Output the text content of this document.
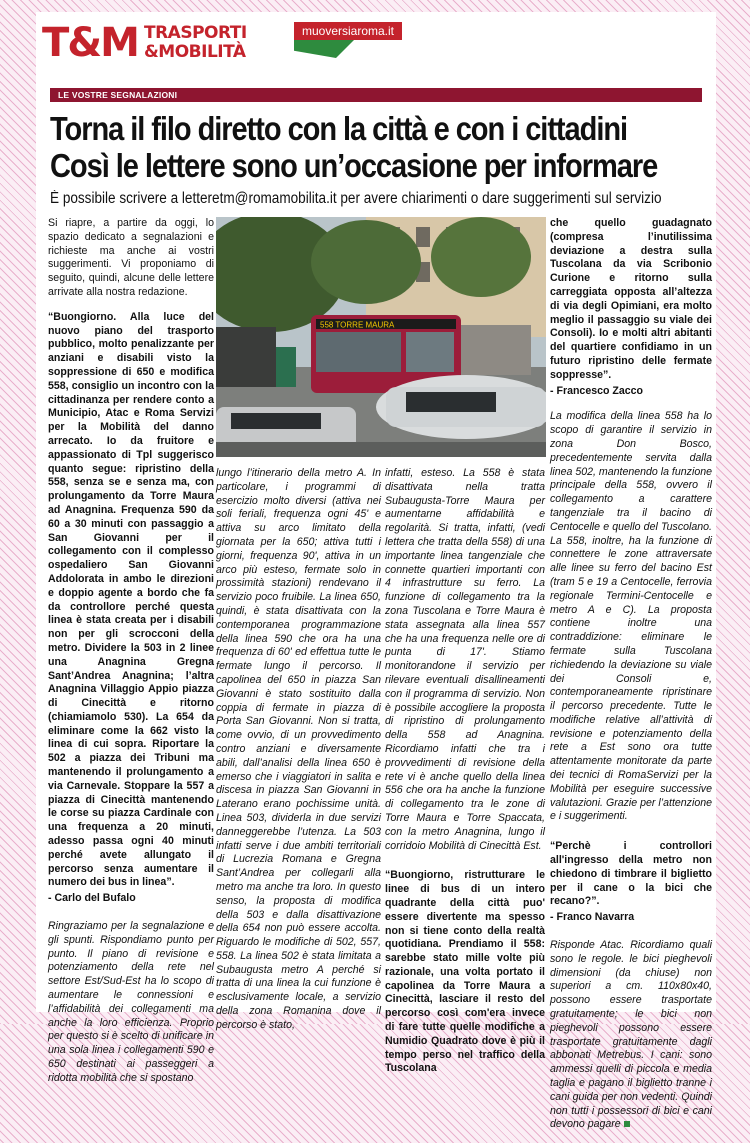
T&M TRASPORTI
&MOBILITÀ
muoversiaroma.it
LE VOSTRE SEGNALAZIONI
Torna il filo diretto con la città e con i cittadini
Così le lettere sono un’occasione per informare

È possibile scrivere a letteretm@romamobilita.it per avere chiarimenti o dare suggerimenti sul servizio

Si riapre, a partire da oggi, lo spazio dedicato a segnalazioni e richieste ma anche ai vostri suggerimenti. Vi proponiamo di seguito, quindi, alcune delle lettere arrivate alla nostra redazione.

“Buongiorno. Alla luce del nuovo piano del trasporto pubblico, molto penalizzante per anziani e disabili visto la soppressione di 650 e modifica 558, consiglio un incontro con la cittadinanza per rendere conto a Municipio, Atac e Roma Servizi per la Mobilità del danno arrecato. Io da fruitore e appassionato di Tpl suggerisco quanto segue: ripristino della 558, senza se e senza ma, con prolungamento da Torre Maura ad Anagnina. Frequenza 590 da 60 a 30 minuti con passaggio a San Giovanni per il collegamento con il complesso ospedaliero San Giovanni Addolorata in ambo le direzioni e doppio agente a bordo che fa da controllore perché questa linea è stata creata per i disabili non per gli scrocconi della metro. Dividere la 503 in 2 linee una Anagnina Gregna Sant’Andrea Anagnina; l’altra Anagnina Villaggio Appio piazza di Cinecittà e ritorno (chiamiamolo 530). La 654 da eliminare come la 662 visto la linea di cui sopra. Riportare la 502 a piazza dei Tribuni ma mantenendo il prolungamento a via Carnevale. Stoppare la 557 a piazza di Cinecittà mantenendo le corse su piazza Cardinale con una frequenza a 20 minuti, adesso passa ogni 40 minuti perché avete allungato il percorso senza aumentare il numero dei bus in linea”.

- Carlo del Bufalo

Ringraziamo per la segnalazione e gli spunti. Rispondiamo punto per punto. Il piano di revisione e potenziamento della rete nel settore Est/Sud-Est ha lo scopo di aumentare le connessioni e l’affidabilità dei collegamenti ma anche la loro efficienza. Proprio per questo si è scelto di unificare in una sola linea i collegamenti 590 e 650 destinati ai passeggeri a ridotta mobilità che si spostano

558 TORRE MAURA

lungo l’itinerario della metro A. In particolare, i programmi di esercizio molto diversi (attiva nei soli feriali, frequenza ogni 45' e attiva su arco limitato della giornata per la 650; attiva tutti i giorni, frequenza 90', attiva in un arco più esteso, fermate solo in prossimità stazioni) rendevano il servizio poco fruibile. La linea 650, quindi, è stata disattivata con la contemporanea programmazione della linea 590 che ora ha una frequenza di 60' ed effettua tutte le fermate lungo il percorso. Il capolinea del 650 in piazza San Giovanni è stato sostituito dalla coppia di fermate in piazza di Porta San Giovanni. Non si tratta, come ovvio, di un provvedimento contro anziani e diversamente abili, dall’analisi della linea 650 è emerso che i viaggiatori in salita e discesa in piazza San Giovanni in Laterano erano pochissime unità. Linea 503, dividerla in due servizi danneggerebbe l’utenza. La 503 infatti serve i due ambiti territoriali di Lucrezia Romana e Gregna Sant’Andrea per collegarli alla metro ma anche tra loro. In questo senso, la proposta di modifica della 503 e dalla disattivazione della 654 non può essere accolta. Riguardo le modifiche di 502, 557, 558. La linea 502 è stata limitata a Subaugusta metro A perché si tratta di una linea la cui funzione è esclusivamente locale, a servizio della zona Romanina dove il percorso è stato,

infatti, esteso. La 558 è stata disattivata nella tratta Subaugusta-Torre Maura per aumentarne affidabilità e regolarità. Si tratta, infatti, (vedi lettera che tratta della 558) di una importante linea tangenziale che connette quartieri importanti con 4 infrastrutture su ferro. La funzione di collegamento tra la zona Tuscolana e Torre Maura è stata assegnata alla linea 557 che ha una frequenza nelle ore di punta di 17'. Stiamo monitorandone il servizio per rilevare eventuali disallineamenti con il programma di servizio. Non è possibile accogliere la proposta di ripristino di prolungamento della 558 ad Anagnina. Ricordiamo infatti che tra i provvedimenti di revisione della rete vi è anche quello della linea 556 che ora ha anche la funzione di collegamento tra le zone di Torre Maura e Torre Spaccata, con la metro Anagnina, lungo il corridoio Mobilità di Cinecittà Est.

“Buongiorno, ristrutturare le linee di bus di un intero quadrante della città puo' essere divertente ma spesso non si tiene conto della realtà quotidiana. Prendiamo il 558: sarebbe stato mille volte più razionale, una volta portato il capolinea da Torre Maura a Cinecittà, lasciare il resto del percorso così com'era invece di fare tutte quelle modifiche a Numidio Quadrato dove è più il tempo perso nel traffico della Tuscolana

che quello guadagnato (compresa l’inutilissima deviazione a destra sulla Tuscolana da via Scribonio Curione e ritorno sulla carreggiata opposta all’altezza di via degli Opimiani, era molto meglio il passaggio su viale dei Consoli). Io e molti altri abitanti del quartiere confidiamo in un futuro ripristino delle fermate soppresse”.

- Francesco Zacco

La modifica della linea 558 ha lo scopo di garantire il servizio in zona Don Bosco, precedentemente servita dalla linea 502, mantenendo la funzione principale della 558, ovvero il collegamento a carattere tangenziale tra il bacino di Centocelle e quello del Tuscolano. La 558, inoltre, ha la funzione di connettere le zone attraversate alle linee su ferro del bacino Est (tram 5 e 19 a Centocelle, ferrovia regionale Termini-Centocelle e metro A e C). La proposta contiene inoltre una contraddizione: eliminare le fermate sulla Tuscolana richiedendo la deviazione su viale dei Consoli e, contemporaneamente ripristinare il percorso precedente. Tutte le modifiche relative all’attività di revisione e potenziamento della rete a Est sono ora tutte attentamente monitorate da parte dei tecnici di RomaServizi per la Mobilità per eseguire successive valutazioni. Grazie per l’attenzione e i suggerimenti.

“Perchè i controllori all'ingresso della metro non chiedono di timbrare il biglietto per il cane o la bici che recano?”.

- Franco Navarra

Risponde Atac. Ricordiamo quali sono le regole. le bici pieghevoli dimensioni (da chiuse) non superiori a cm. 110x80x40, possono essere trasportate gratuitamente; le bici non pieghevoli possono essere trasportate gratuitamente dagli abbonati Metrebus. I cani: sono ammessi quelli di piccola e media taglia e pagano il biglietto tranne i cani guida per non vedenti. Quindi non tutti i possessori di bici e cani devono pagare
